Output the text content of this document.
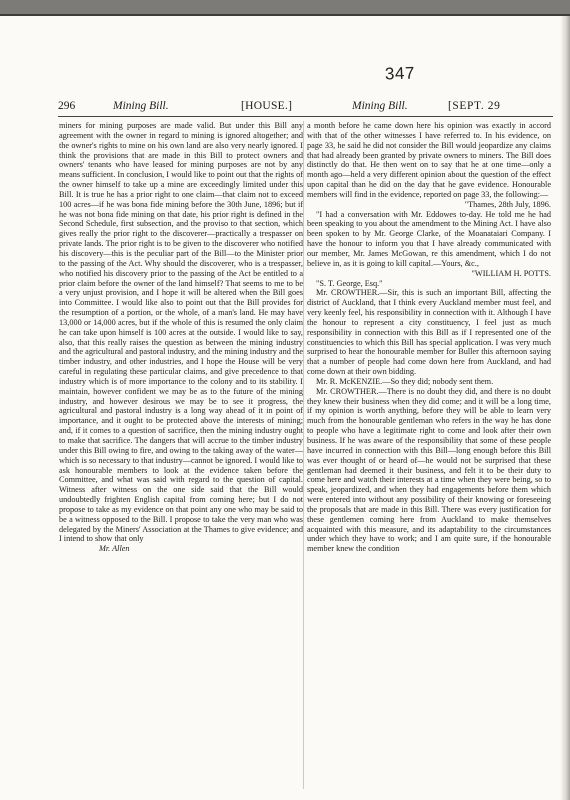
347
296	Mining Bill.	[HOUSE.]	Mining Bill.	[SEPT. 29

miners for mining purposes are made valid. But under this Bill any agreement with the owner in regard to mining is ignored altogether; and the owner's rights to mine on his own land are also very nearly ignored. I think the provisions that are made in this Bill to protect owners and owners' tenants who have leased for mining purposes are not by any means sufficient. In conclusion, I would like to point out that the rights of the owner himself to take up a mine are exceedingly limited under this Bill. It is true he has a prior right to one claim—that claim not to exceed 100 acres—if he was bona fide mining before the 30th June, 1896; but if he was not bona fide mining on that date, his prior right is defined in the Second Schedule, first subsection, and the proviso to that section, which gives really the prior right to the discoverer—practically a trespasser on private lands. The prior right is to be given to the discoverer who notified his discovery—this is the peculiar part of the Bill—to the Minister prior to the passing of the Act. Why should the discoverer, who is a trespasser, who notified his discovery prior to the passing of the Act be entitled to a prior claim before the owner of the land himself? That seems to me to be a very unjust provision, and I hope it will be altered when the Bill goes into Committee. I would like also to point out that the Bill provides for the resumption of a portion, or the whole, of a man's land. He may have 13,000 or 14,000 acres, but if the whole of this is resumed the only claim he can take upon himself is 100 acres at the outside. I would like to say, also, that this really raises the question as between the mining industry and the agricultural and pastoral industry, and the mining industry and the timber industry, and other industries, and I hope the House will be very careful in regulating these particular claims, and give precedence to that industry which is of more importance to the colony and to its stability. I maintain, however confident we may be as to the future of the mining industry, and however desirous we may be to see it progress, the agricultural and pastoral industry is a long way ahead of it in point of importance, and it ought to be protected above the interests of mining; and, if it comes to a question of sacrifice, then the mining industry ought to make that sacrifice. The dangers that will accrue to the timber industry under this Bill owing to fire, and owing to the taking away of the water—which is so necessary to that industry—cannot be ignored. I would like to ask honourable members to look at the evidence taken before the Committee, and what was said with regard to the question of capital. Witness after witness on the one side said that the Bill would undoubtedly frighten English capital from coming here; but I do not propose to take as my evidence on that point any one who may be said to be a witness opposed to the Bill. I propose to take the very man who was delegated by the Miners' Association at the Thames to give evidence; and I intend to show that only

Mr. Allen

a month before he came down here his opinion was exactly in accord with that of the other witnesses I have referred to. In his evidence, on page 33, he said he did not consider the Bill would jeopardize any claims that had already been granted by private owners to miners. The Bill does distinctly do that. He then went on to say that he at one time—only a month ago—held a very different opinion about the question of the effect upon capital than he did on the day that he gave evidence. Honourable members will find in the evidence, reported on page 33, the following:—

"Thames, 28th July, 1896.

"I had a conversation with Mr. Eddowes to-day. He told me he had been speaking to you about the amendment to the Mining Act. I have also been spoken to by Mr. George Clarke, of the Moanataiari Company. I have the honour to inform you that I have already communicated with our member, Mr. James McGowan, re this amendment, which I do not believe in, as it is going to kill capital.—Yours, &c.,

"WILLIAM H. POTTS.

"S. T. George, Esq."

Mr. CROWTHER.—Sir, this is such an important Bill, affecting the district of Auckland, that I think every Auckland member must feel, and very keenly feel, his responsibility in connection with it. Although I have the honour to represent a city constituency, I feel just as much responsibility in connection with this Bill as if I represented one of the constituencies to which this Bill has special application. I was very much surprised to hear the honourable member for Buller this afternoon saying that a number of people had come down here from Auckland, and had come down at their own bidding.

Mr. R. McKENZIE.—So they did; nobody sent them.

Mr. CROWTHER.—There is no doubt they did, and there is no doubt they knew their business when they did come; and it will be a long time, if my opinion is worth anything, before they will be able to learn very much from the honourable gentleman who refers in the way he has done to people who have a legitimate right to come and look after their own business. If he was aware of the responsibility that some of these people have incurred in connection with this Bill—long enough before this Bill was ever thought of or heard of—he would not be surprised that these gentleman had deemed it their business, and felt it to be their duty to come here and watch their interests at a time when they were being, so to speak, jeopardized, and when they had engagements before them which were entered into without any possibility of their knowing or foreseeing the proposals that are made in this Bill. There was every justification for these gentlemen coming here from Auckland to make themselves acquainted with this measure, and its adaptability to the circumstances under which they have to work; and I am quite sure, if the honourable member knew the condition
